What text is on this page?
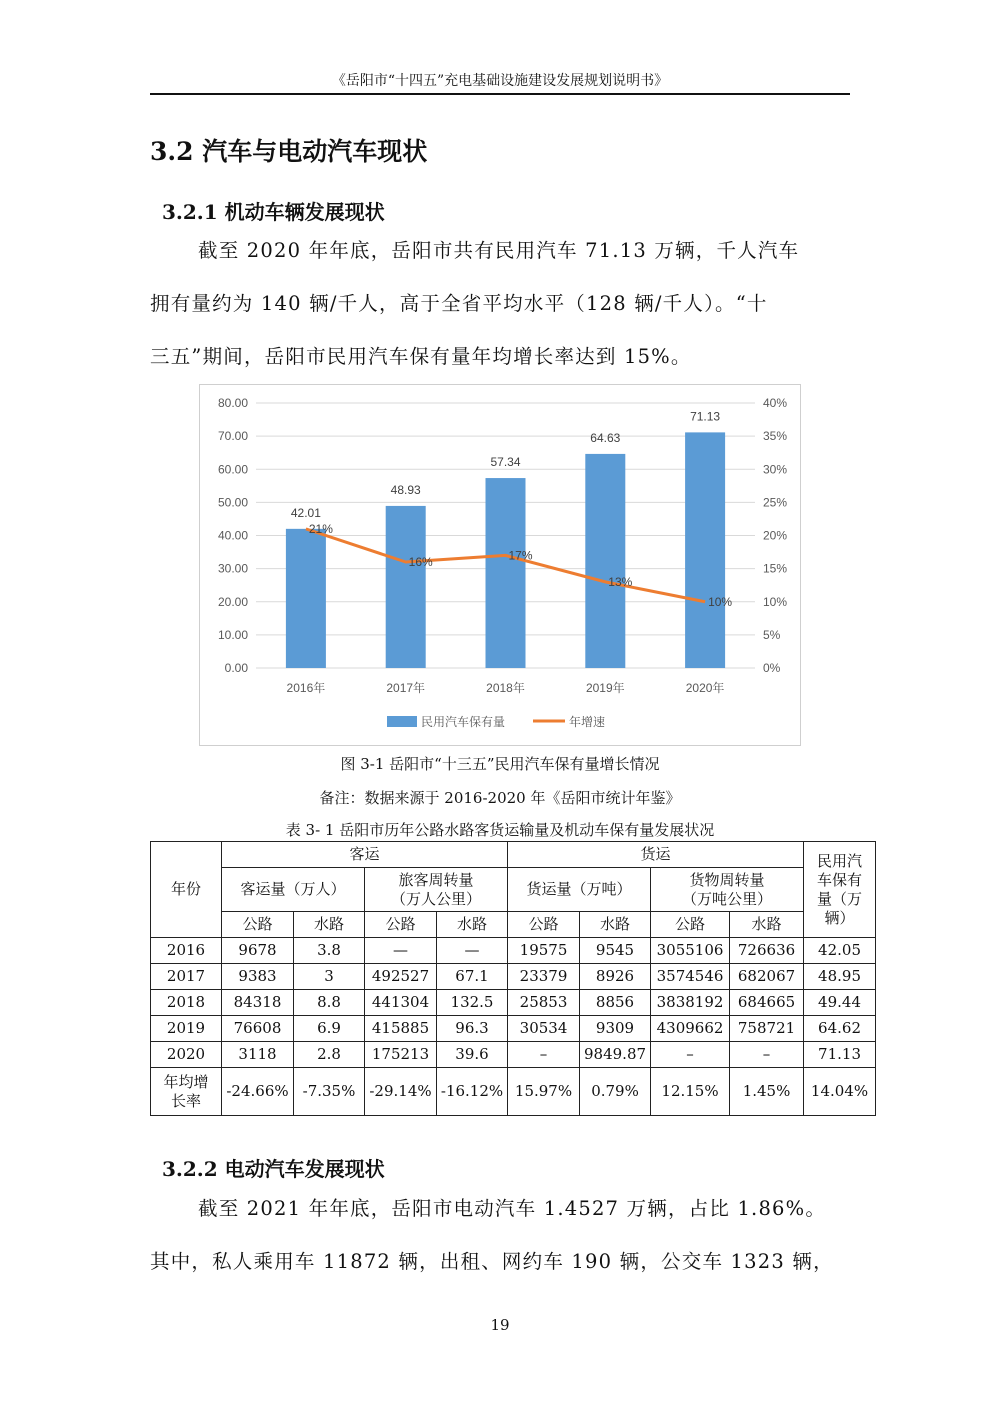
《岳阳市“十四五”充电基础设施建设发展规划说明书》
3.2 汽车与电动汽车现状
3.2.1 机动车辆发展现状

截至 2020 年年底，岳阳市共有民用汽车 71.13 万辆，千人汽车

拥有量约为 140 辆/千人，高于全省平均水平（128 辆/千人）。“十

三五”期间，岳阳市民用汽车保有量年均增长率达到 15%。

0.00	0%
10.00	5%
20.00	10%
30.00	15%
40.00	20%
50.00	25%
60.00	30%
70.00	35%
80.00	40%
42.01
2016年
48.93
2017年
57.34
2018年
64.63
2019年
71.13
2020年
21%
16%	17%
13%
10%
民用汽车保有量	年增速
图 3-1 岳阳市“十三五”民用汽车保有量增长情况
备注：数据来源于 2016-2020 年《岳阳市统计年鉴》
表 3- 1 岳阳市历年公路水路客货运输量及机动车保有量发展状况
年份	客运				货运				民用汽
车保有
量（万
辆）
	客运量（万人）		旅客周转量
（万人公里）		货运量（万吨）		货物周转量
（万吨公里）		
	公路	水路	公路	水路	公路	水路	公路	水路	
2016	9678	3.8	—	—	19575	9545	3055106	726636	42.05
2017	9383	3	492527	67.1	23379	8926	3574546	682067	48.95
2018	84318	8.8	441304	132.5	25853	8856	3838192	684665	49.44
2019	76608	6.9	415885	96.3	30534	9309	4309662	758721	64.62
2020	3118	2.8	175213	39.6	–	9849.87	–	–	71.13
年均增
长率	-24.66%	-7.35%	-29.14%	-16.12%	15.97%	0.79%	12.15%	1.45%	14.04%
3.2.2 电动汽车发展现状

截至 2021 年年底，岳阳市电动汽车 1.4527 万辆，占比 1.86%。

其中，私人乘用车 11872 辆，出租、网约车 190 辆，公交车 1323 辆，

19
